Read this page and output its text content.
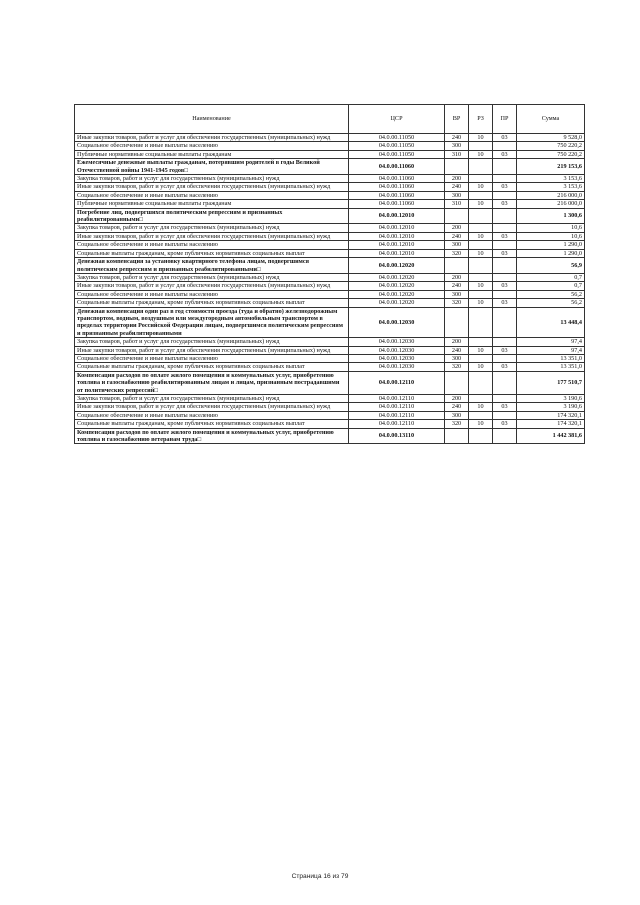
Наименование	ЦСР	ВР	РЗ	ПР	Сумма
Иные закупки товаров, работ и услуг для обеспечения государственных (муниципальных) нужд	04.0.00.11050	240	10	03	9 528,0
Социальное обеспечение и иные выплаты населению	04.0.00.11050	300			750 220,2
Публичные нормативные социальные выплаты гражданам	04.0.00.11050	310	10	03	750 220,2
Ежемесячные денежные выплаты гражданам, потерявшим родителей в годы Великой Отечественной войны 1941-1945 годов□	04.0.00.11060				219 153,6
Закупка товаров, работ и услуг для государственных (муниципальных) нужд	04.0.00.11060	200			3 153,6
Иные закупки товаров, работ и услуг для обеспечения государственных (муниципальных) нужд	04.0.00.11060	240	10	03	3 153,6
Социальное обеспечение и иные выплаты населению	04.0.00.11060	300			216 000,0
Публичные нормативные социальные выплаты гражданам	04.0.00.11060	310	10	03	216 000,0
Погребение лиц, подвергшихся политическим репрессиям и признанных реабилитированными□	04.0.00.12010				1 300,6
Закупка товаров, работ и услуг для государственных (муниципальных) нужд	04.0.00.12010	200			10,6
Иные закупки товаров, работ и услуг для обеспечения государственных (муниципальных) нужд	04.0.00.12010	240	10	03	10,6
Социальное обеспечение и иные выплаты населению	04.0.00.12010	300			1 290,0
Социальные выплаты гражданам, кроме публичных нормативных социальных выплат	04.0.00.12010	320	10	03	1 290,0
Денежная компенсация за установку квартирного телефона лицам, подвергшимся политическим репрессиям и признанных реабилитированными□	04.0.00.12020				56,9
Закупка товаров, работ и услуг для государственных (муниципальных) нужд	04.0.00.12020	200			0,7
Иные закупки товаров, работ и услуг для обеспечения государственных (муниципальных) нужд	04.0.00.12020	240	10	03	0,7
Социальное обеспечение и иные выплаты населению	04.0.00.12020	300			56,2
Социальные выплаты гражданам, кроме публичных нормативных социальных выплат	04.0.00.12020	320	10	03	56,2
Денежная компенсация один раз в год стоимости проезда (туда и обратно) железнодорожным транспортом, водным, воздушным или междугородным автомобильным транспортом в пределах территории Российской Федерации лицам, подвергшимся политическим репрессиям и признанным реабилитированными	04.0.00.12030				13 448,4
Закупка товаров, работ и услуг для государственных (муниципальных) нужд	04.0.00.12030	200			97,4
Иные закупки товаров, работ и услуг для обеспечения государственных (муниципальных) нужд	04.0.00.12030	240	10	03	97,4
Социальное обеспечение и иные выплаты населению	04.0.00.12030	300			13 351,0
Социальные выплаты гражданам, кроме публичных нормативных социальных выплат	04.0.00.12030	320	10	03	13 351,0
Компенсация расходов по оплате жилого помещения и коммунальных услуг, приобретению топлива и газоснабжению реабилитированным лицам и лицам, признанным пострадавшими от политических репрессий□	04.0.00.12110				177 510,7
Закупка товаров, работ и услуг для государственных (муниципальных) нужд	04.0.00.12110	200			3 190,6
Иные закупки товаров, работ и услуг для обеспечения государственных (муниципальных) нужд	04.0.00.12110	240	10	03	3 190,6
Социальное обеспечение и иные выплаты населению	04.0.00.12110	300			174 320,1
Социальные выплаты гражданам, кроме публичных нормативных социальных выплат	04.0.00.12110	320	10	03	174 320,1
Компенсация расходов по оплате жилого помещения и коммунальных услуг, приобретению топлива и газоснабжению ветеранам труда□	04.0.00.13110				1 442 381,6
Страница 16 из 79
